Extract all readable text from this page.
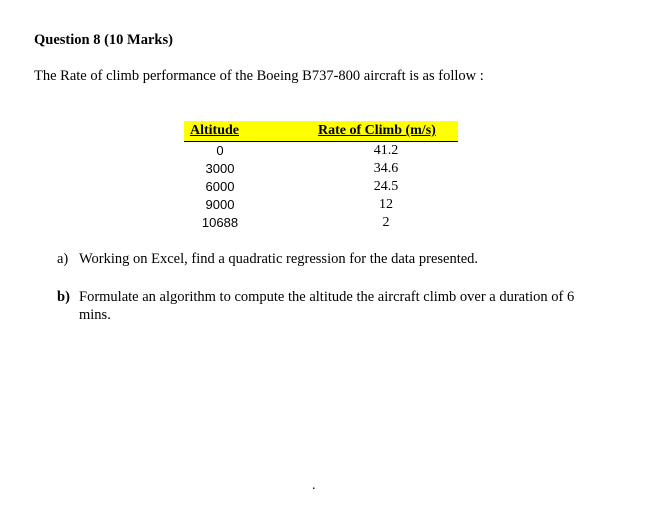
Question 8 (10 Marks)
The Rate of climb performance of the Boeing B737-800 aircraft is as follow :
Altitude		Rate of Climb (m/s)
0		41.2
3000		34.6
6000		24.5
9000		12
10688		2
a) Working on Excel, find a quadratic regression for the data presented.
b) Formulate an algorithm to compute the altitude the aircraft climb over a duration of 6
mins.
.
